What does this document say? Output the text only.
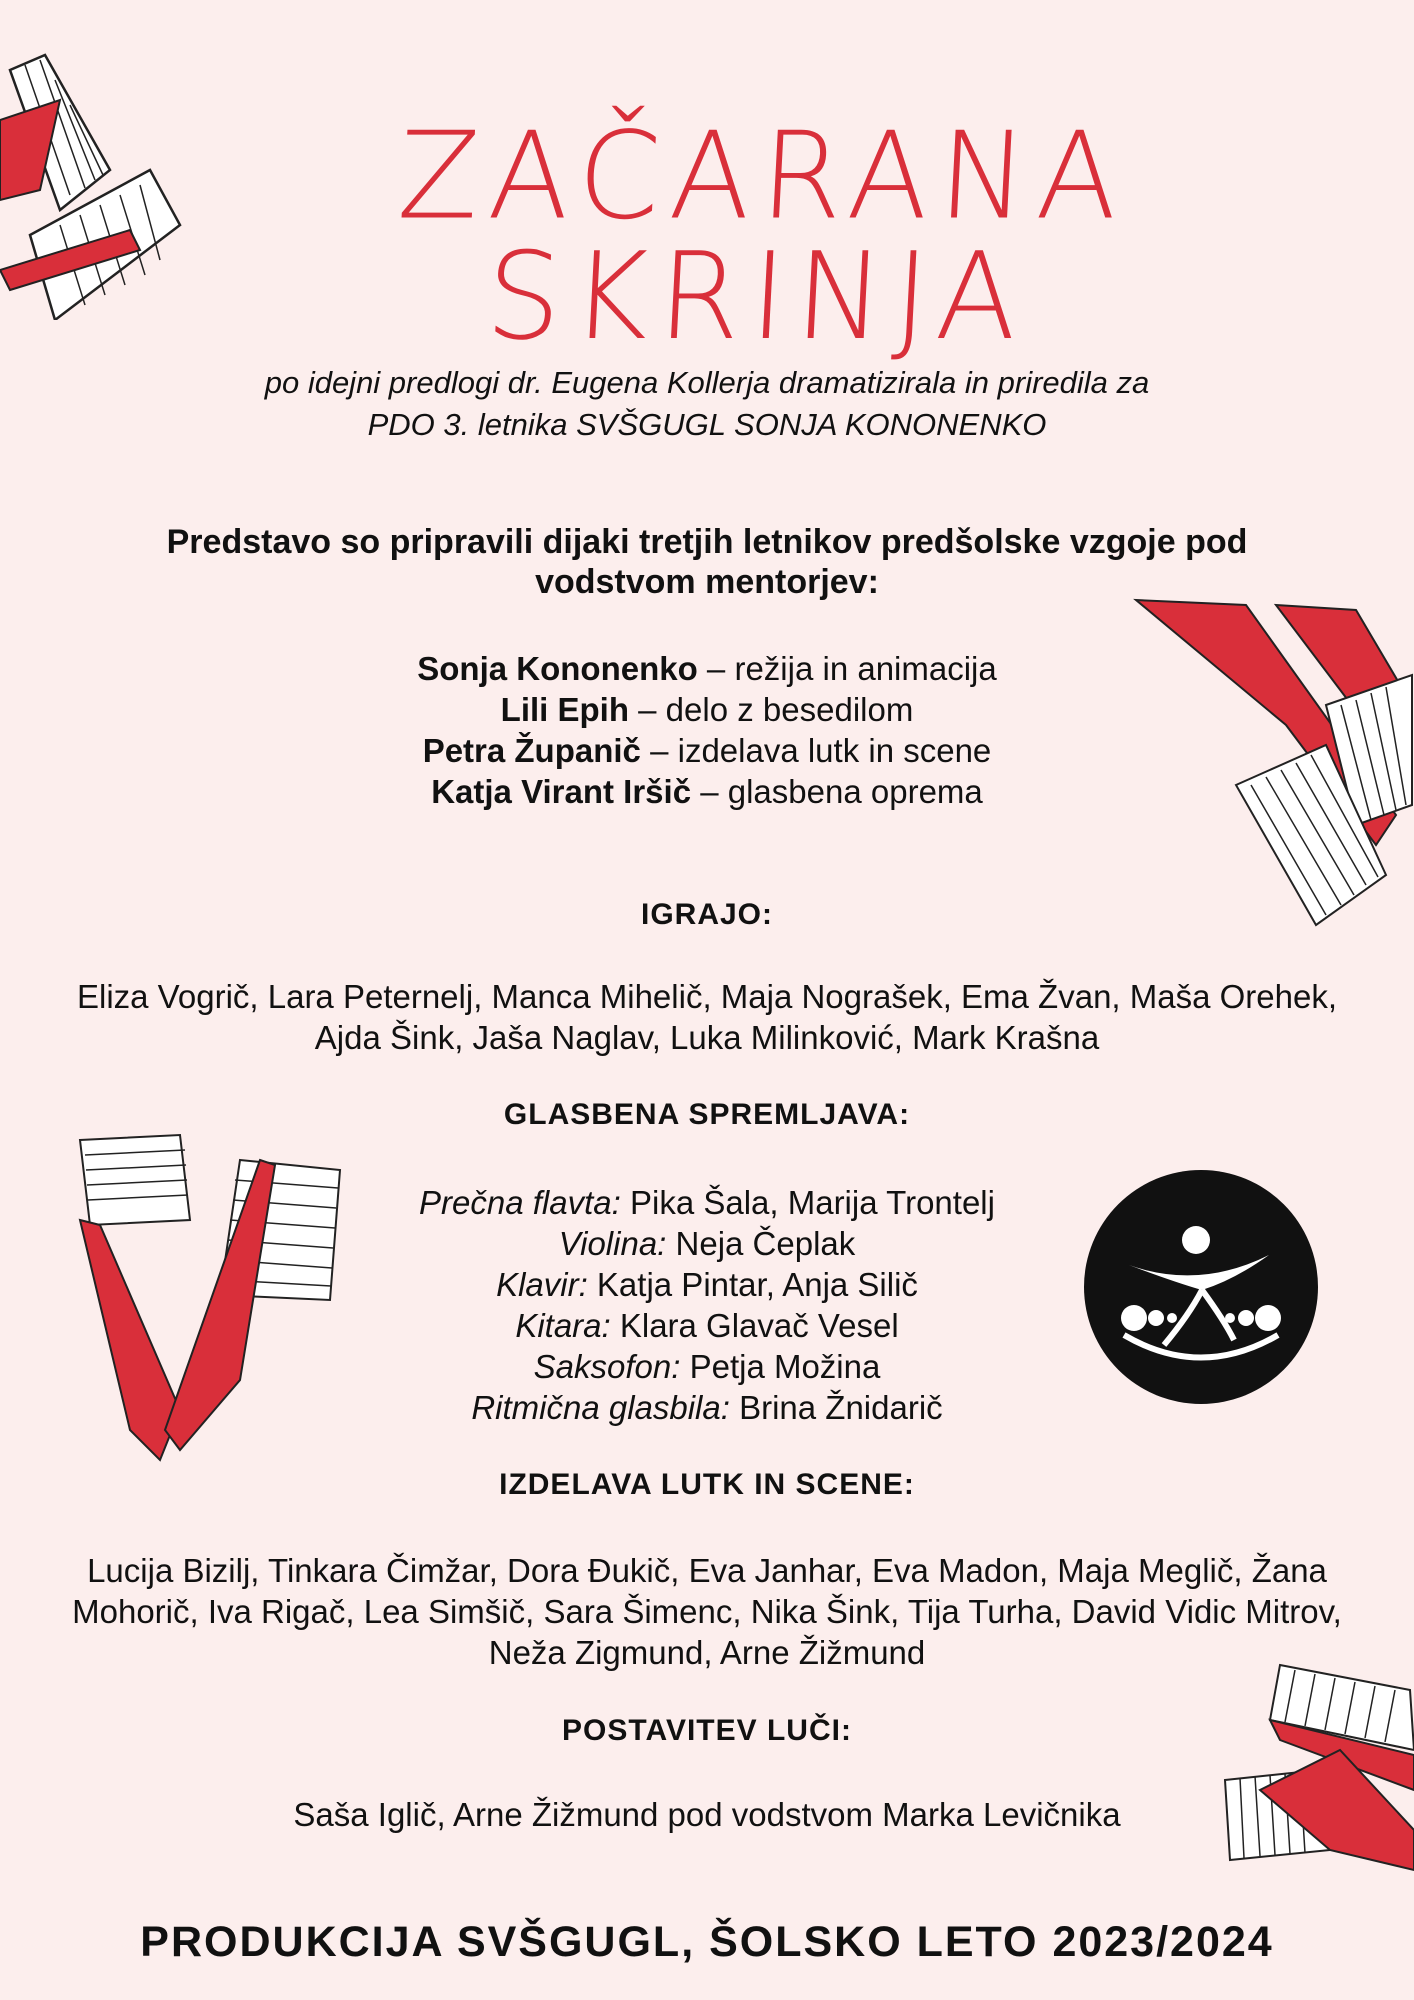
ZAČARANA SKRINJA
po idejni predlogi dr. Eugena Kollerja dramatizirala in priredila za
PDO 3. letnika SVŠGUGL SONJA KONONENKO
Predstavo so pripravili dijaki tretjih letnikov predšolske vzgoje pod
vodstvom mentorjev:
Sonja Kononenko – režija in animacija
Lili Epih – delo z besedilom
Petra Županič – izdelava lutk in scene
Katja Virant Iršič – glasbena oprema
IGRAJO:
Eliza Vogrič, Lara Peternelj, Manca Mihelič, Maja Nograšek, Ema Žvan, Maša Orehek,
Ajda Šink, Jaša Naglav, Luka Milinković, Mark Krašna
GLASBENA SPREMLJAVA:
Prečna flavta: Pika Šala, Marija Trontelj
Violina: Neja Čeplak
Klavir: Katja Pintar, Anja Silič
Kitara: Klara Glavač Vesel
Saksofon: Petja Možina
Ritmična glasbila: Brina Žnidarič
IZDELAVA LUTK IN SCENE:
Lucija Bizilj, Tinkara Čimžar, Dora Đukič, Eva Janhar, Eva Madon, Maja Meglič, Žana
Mohorič, Iva Rigač, Lea Simšič, Sara Šimenc, Nika Šink, Tija Turha, David Vidic Mitrov,
Neža Zigmund, Arne Žižmund
POSTAVITEV LUČI:
Saša Iglič, Arne Žižmund pod vodstvom Marka Levičnika
PRODUKCIJA SVŠGUGL, ŠOLSKO LETO 2023/2024
